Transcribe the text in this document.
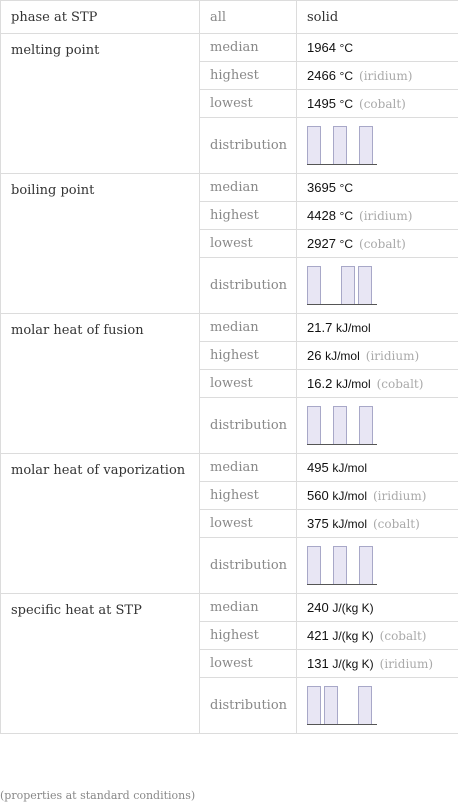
phase at STP	all	solid
melting point	median	1964 °C
	highest	2466 °C (iridium)
	lowest	1495 °C (cobalt)
	distribution	

boiling point	median	3695 °C
	highest	4428 °C (iridium)
	lowest	2927 °C (cobalt)
	distribution	

molar heat of fusion	median	21.7 kJ/mol
	highest	26 kJ/mol (iridium)
	lowest	16.2 kJ/mol (cobalt)
	distribution	

molar heat of vaporization	median	495 kJ/mol
	highest	560 kJ/mol (iridium)
	lowest	375 kJ/mol (cobalt)
	distribution	

specific heat at STP	median	240 J/(kg K)
	highest	421 J/(kg K) (cobalt)
	lowest	131 J/(kg K) (iridium)
	distribution	
(properties at standard conditions)
